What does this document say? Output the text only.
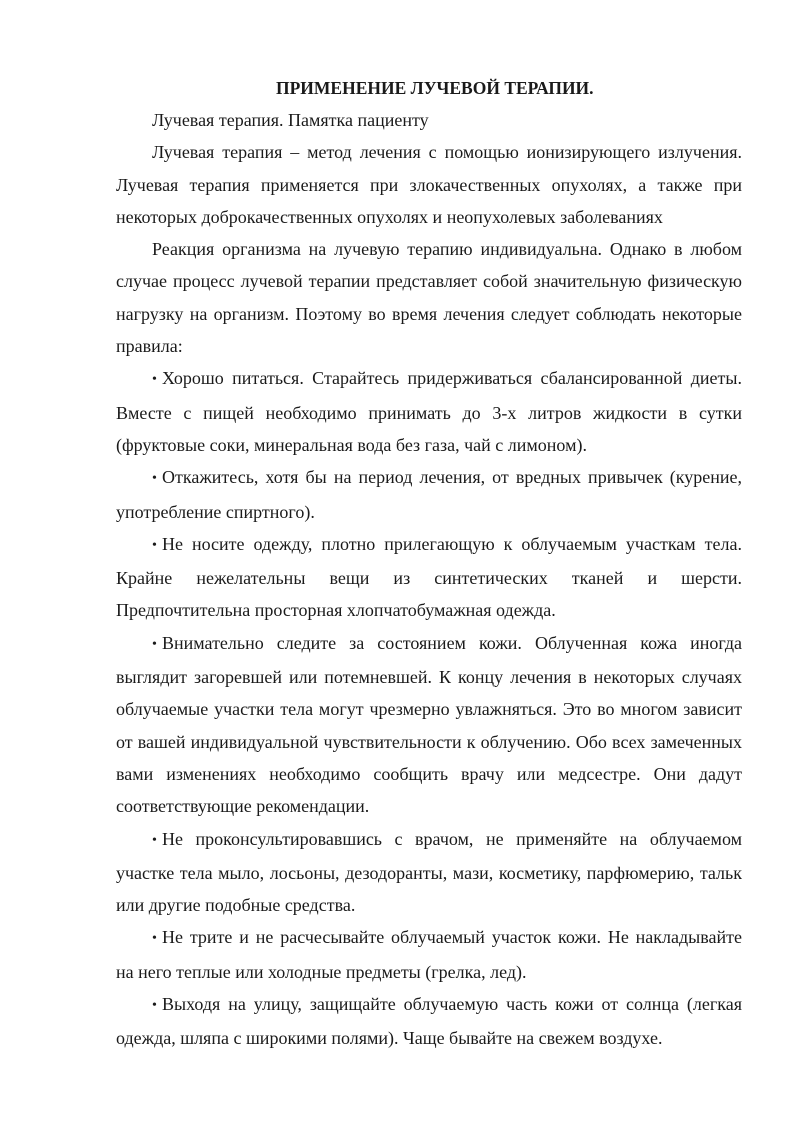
ПРИМЕНЕНИЕ ЛУЧЕВОЙ ТЕРАПИИ.

Лучевая терапия. Памятка пациенту

Лучевая терапия – метод лечения с помощью ионизирующего излучения. Лучевая терапия применяется при злокачественных опухолях, а также при некоторых доброкачественных опухолях и неопухолевых заболеваниях

Реакция организма на лучевую терапию индивидуальна. Однако в любом случае процесс лучевой терапии представляет собой значительную физическую нагрузку на организм. Поэтому во время лечения следует соблюдать некоторые правила:

• Хорошо питаться. Старайтесь придерживаться сбалансированной диеты. Вместе с пищей необходимо принимать до 3-х литров жидкости в сутки (фруктовые соки, минеральная вода без газа, чай с лимоном).

• Откажитесь, хотя бы на период лечения, от вредных привычек (курение, употребление спиртного).

• Не носите одежду, плотно прилегающую к облучаемым участкам тела. Крайне нежелательны вещи из синтетических тканей и шерсти. Предпочтительна просторная хлопчатобумажная одежда.

• Внимательно следите за состоянием кожи. Облученная кожа иногда выглядит загоревшей или потемневшей. К концу лечения в некоторых случаях облучаемые участки тела могут чрезмерно увлажняться. Это во многом зависит от вашей индивидуальной чувствительности к облучению. Обо всех замеченных вами изменениях необходимо сообщить врачу или медсестре. Они дадут соответствующие рекомендации.

• Не проконсультировавшись с врачом, не применяйте на облучаемом участке тела мыло, лосьоны, дезодоранты, мази, косметику, парфюмерию, тальк или другие подобные средства.

• Не трите и не расчесывайте облучаемый участок кожи. Не накладывайте на него теплые или холодные предметы (грелка, лед).

• Выходя на улицу, защищайте облучаемую часть кожи от солнца (легкая одежда, шляпа с широкими полями). Чаще бывайте на свежем воздухе.
